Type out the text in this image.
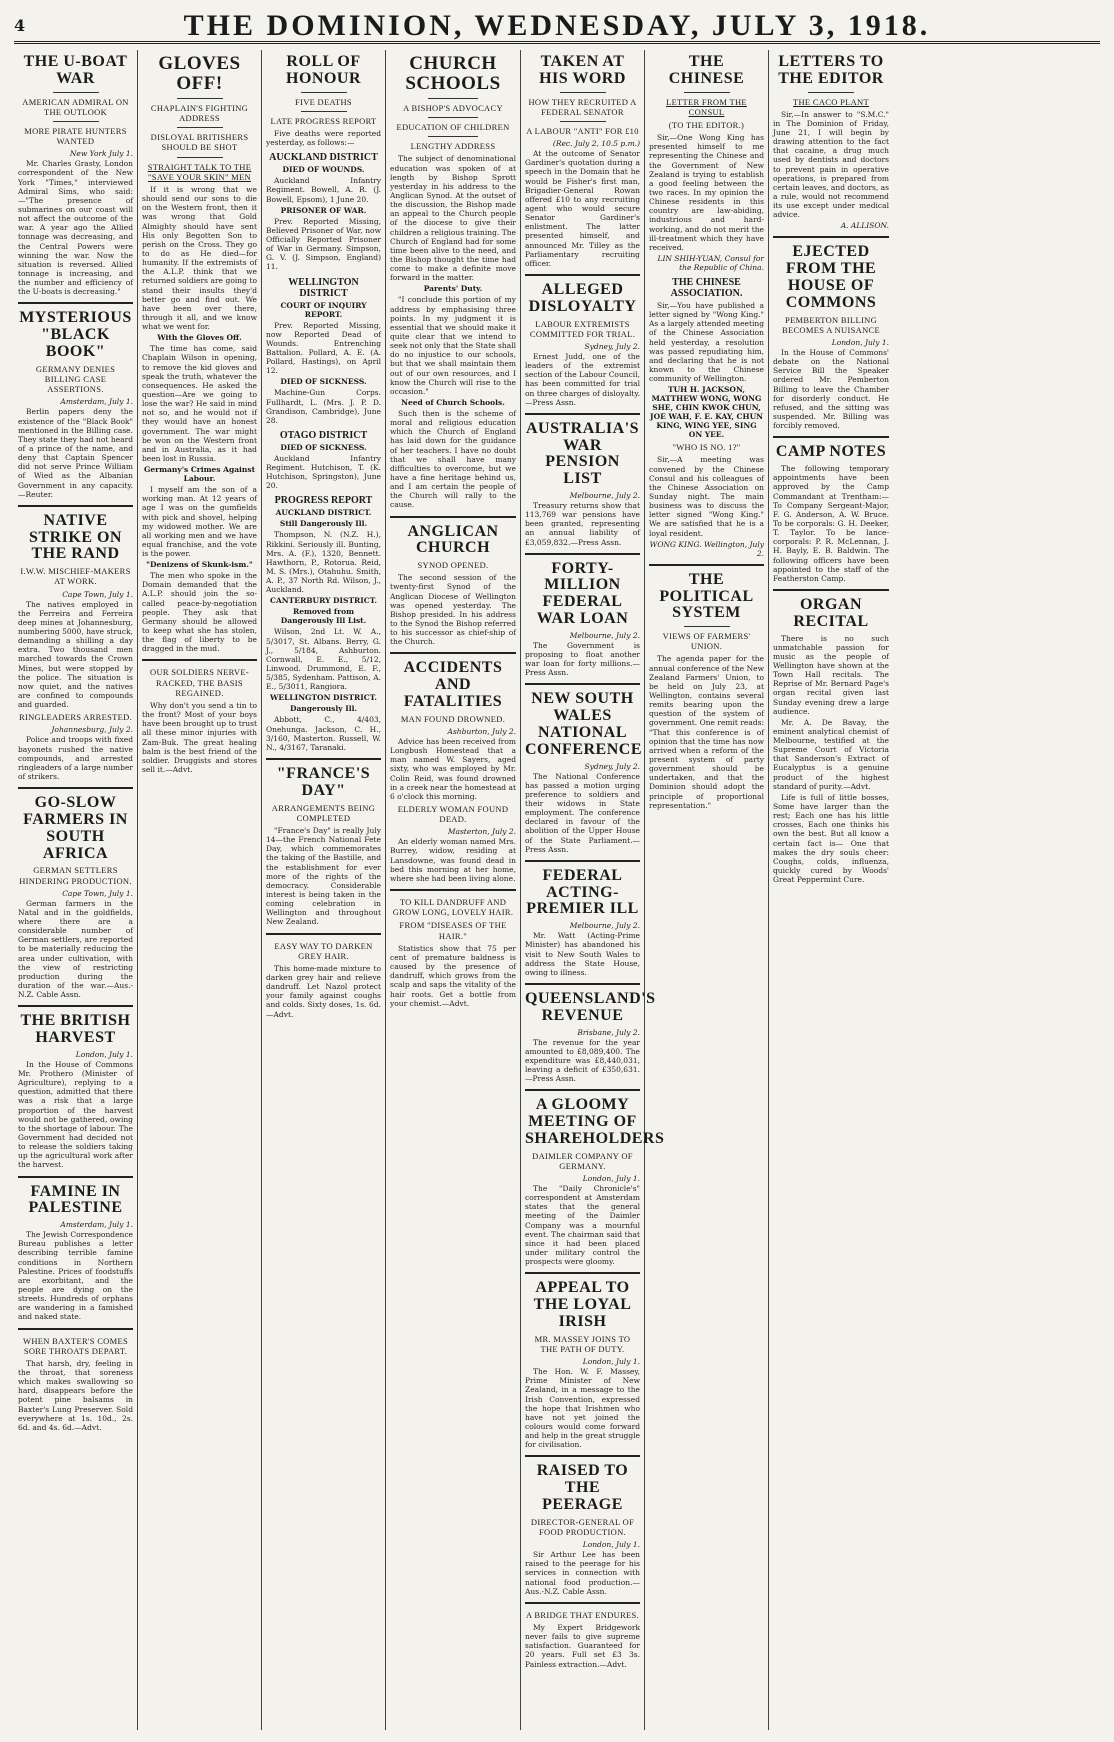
4	THE DOMINION, WEDNESDAY, JULY 3, 1918.
THE U-BOAT WAR
AMERICAN ADMIRAL ON THE OUTLOOK
MORE PIRATE HUNTERS WANTED
New York July 1.

Mr. Charles Grasty, London correspondent of the New York "Times," interviewed Admiral Sims, who said:—"The presence of submarines on our coast will not affect the outcome of the war. A year ago the Allied tonnage was decreasing, and the Central Powers were winning the war. Now the situation is reversed. Allied tonnage is increasing, and the number and efficiency of the U-boats is decreasing."

MYSTERIOUS "BLACK BOOK"
GERMANY DENIES BILLING CASE ASSERTIONS.
Amsterdam, July 1.

Berlin papers deny the existence of the "Black Book" mentioned in the Billing case. They state they had not heard of a prince of the name, and deny that Captain Spencer did not serve Prince William of Wied as the Albanian Government in any capacity.—Reuter.

NATIVE STRIKE ON THE RAND
I.W.W. MISCHIEF-MAKERS AT WORK.
Cape Town, July 1.

The natives employed in the Ferreira and Ferreira deep mines at Johannesburg, numbering 5000, have struck, demanding a shilling a day extra. Two thousand men marched towards the Crown Mines, but were stopped by the police. The situation is now quiet, and the natives are confined to compounds and guarded.

RINGLEADERS ARRESTED.
Johannesburg, July 2.

Police and troops with fixed bayonets rushed the native compounds, and arrested ringleaders of a large number of strikers.

GO-SLOW FARMERS IN SOUTH AFRICA
GERMAN SETTLERS HINDERING PRODUCTION.
Cape Town, July 1.

German farmers in the Natal and in the goldfields, where there are a considerable number of German settlers, are reported to be materially reducing the area under cultivation, with the view of restricting production during the duration of the war.—Aus.-N.Z. Cable Assn.

THE BRITISH HARVEST
London, July 1.

In the House of Commons Mr. Prothero (Minister of Agriculture), replying to a question, admitted that there was a risk that a large proportion of the harvest would not be gathered, owing to the shortage of labour. The Government had decided not to release the soldiers taking up the agricultural work after the harvest.

FAMINE IN PALESTINE
Amsterdam, July 1.

The Jewish Correspondence Bureau publishes a letter describing terrible famine conditions in Northern Palestine. Prices of foodstuffs are exorbitant, and the people are dying on the streets. Hundreds of orphans are wandering in a famished and naked state.

WHEN BAXTER'S COMES SORE THROATS DEPART.

That harsh, dry, feeling in the throat, that soreness which makes swallowing so hard, disappears before the potent pine balsams in Baxter's Lung Preserver. Sold everywhere at 1s. 10d., 2s. 6d. and 4s. 6d.—Advt.

GLOVES OFF!
CHAPLAIN'S FIGHTING ADDRESS
DISLOYAL BRITISHERS SHOULD BE SHOT
STRAIGHT TALK TO THE "SAVE YOUR SKIN" MEN

If it is wrong that we should send our sons to die on the Western front, then it was wrong that Gold Almighty should have sent His only Begotten Son to perish on the Cross. They go to do as He died—for humanity. If the extremists of the A.L.P. think that we returned soldiers are going to stand their insults they'd better go and find out. We have been over there, through it all, and we know what we went for.

With the Gloves Off.

The time has come, said Chaplain Wilson in opening, to remove the kid gloves and speak the truth, whatever the consequences. He asked the question—Are we going to lose the war? He said in mind not so, and he would not if they would have an honest government. The war might be won on the Western front and in Australia, as it had been lost in Russia.

Germany's Crimes Against Labour.

I myself am the son of a working man. At 12 years of age I was on the gumfields with pick and shovel, helping my widowed mother. We are all working men and we have equal franchise, and the vote is the power.

"Denizens of Skunk-ism."

The men who spoke in the Domain demanded that the A.L.P. should join the so-called peace-by-negotiation people. They ask that Germany should be allowed to keep what she has stolen, the flag of liberty to be dragged in the mud.

OUR SOLDIERS NERVE-RACKED, THE BASIS REGAINED.

Why don't you send a tin to the front? Most of your boys have been brought up to trust all these minor injuries with Zam-Buk. The great healing balm is the best friend of the soldier. Druggists and stores sell it.—Advt.

ROLL OF HONOUR
FIVE DEATHS
LATE PROGRESS REPORT

Five deaths were reported yesterday, as follows:—

AUCKLAND DISTRICT
DIED OF WOUNDS.

Auckland Infantry Regiment. Bowell, A. R. (J. Bowell, Epsom), 1 June 20.

PRISONER OF WAR.

Prev. Reported Missing, Believed Prisoner of War, now Officially Reported Prisoner of War in Germany. Simpson, G. V. (J. Simpson, England) 11.

WELLINGTON DISTRICT
COURT OF INQUIRY REPORT.

Prev. Reported Missing, now Reported Dead of Wounds. Entrenching Battalion. Pollard, A. E. (A. Pollard, Hastings), on April 12.

DIED OF SICKNESS.

Machine-Gun Corps. Fullhardt, L. (Mrs. J. P. D. Grandison, Cambridge), June 28.

OTAGO DISTRICT
DIED OF SICKNESS.

Auckland Infantry Regiment. Hutchison, T. (K. Hutchison, Springston), June 20.

PROGRESS REPORT
AUCKLAND DISTRICT.
Still Dangerously Ill.

Thompson, N. (N.Z. H.), Rikkini. Seriously ill. Bunting, Mrs. A. (F.), 1320, Bennett. Hawthorn, P., Rotorua. Reid, M. S. (Mrs.), Otahuhu. Smith, A. P., 37 North Rd. Wilson, J., Auckland.

CANTERBURY DISTRICT.
Removed from Dangerously Ill List.

Wilson, 2nd Lt. W. A., 5/3017, St. Albans. Berry, G. J., 5/184, Ashburton. Cornwall, E. E., 5/12, Linwood. Drummond, E. F., 5/385, Sydenham. Pattison, A. E., 5/3011, Rangiora.

WELLINGTON DISTRICT.
Dangerously Ill.

Abbott, C., 4/403, Onehunga. Jackson, C. H., 3/160, Masterton. Russell, W. N., 4/3167, Taranaki.

"FRANCE'S DAY"
ARRANGEMENTS BEING COMPLETED

"France's Day" is really July 14—the French National Fete Day, which commemorates the taking of the Bastille, and the establishment for ever more of the rights of the democracy. Considerable interest is being taken in the coming celebration in Wellington and throughout New Zealand.

EASY WAY TO DARKEN GREY HAIR.

This home-made mixture to darken grey hair and relieve dandruff. Let Nazol protect your family against coughs and colds. Sixty doses, 1s. 6d.—Advt.

CHURCH SCHOOLS
A BISHOP'S ADVOCACY
EDUCATION OF CHILDREN
LENGTHY ADDRESS

The subject of denominational education was spoken of at length by Bishop Sprott yesterday in his address to the Anglican Synod. At the outset of the discussion, the Bishop made an appeal to the Church people of the diocese to give their children a religious training. The Church of England had for some time been alive to the need, and the Bishop thought the time had come to make a definite move forward in the matter.

Parents' Duty.

"I conclude this portion of my address by emphasising three points. In my judgment it is essential that we should make it quite clear that we intend to seek not only that the State shall do no injustice to our schools, but that we shall maintain them out of our own resources, and I know the Church will rise to the occasion."

Need of Church Schools.

Such then is the scheme of moral and religious education which the Church of England has laid down for the guidance of her teachers. I have no doubt that we shall have many difficulties to overcome, but we have a fine heritage behind us, and I am certain the people of the Church will rally to the cause.

ANGLICAN CHURCH
SYNOD OPENED.

The second session of the twenty-first Synod of the Anglican Diocese of Wellington was opened yesterday. The Bishop presided. In his address to the Synod the Bishop referred to his successor as chief-ship of the Church.

ACCIDENTS AND FATALITIES
MAN FOUND DROWNED.
Ashburton, July 2.

Advice has been received from Longbush Homestead that a man named W. Sayers, aged sixty, who was employed by Mr. Colin Reid, was found drowned in a creek near the homestead at 6 o'clock this morning.

ELDERLY WOMAN FOUND DEAD.
Masterton, July 2.

An elderly woman named Mrs. Burrey, widow, residing at Lansdowne, was found dead in bed this morning at her home, where she had been living alone.

TO KILL DANDRUFF AND GROW LONG, LOVELY HAIR.
FROM "DISEASES OF THE HAIR."

Statistics show that 75 per cent of premature baldness is caused by the presence of dandruff, which grows from the scalp and saps the vitality of the hair roots. Get a bottle from your chemist.—Advt.

TAKEN AT HIS WORD
HOW THEY RECRUITED A FEDERAL SENATOR
A LABOUR "ANTI" FOR £10
(Rec. July 2, 10.5 p.m.)

At the outcome of Senator Gardiner's quotation during a speech in the Domain that he would be Fisher's first man, Brigadier-General Rowan offered £10 to any recruiting agent who would secure Senator Gardiner's enlistment. The latter presented himself, and announced Mr. Tilley as the Parliamentary recruiting officer.

ALLEGED DISLOYALTY
LABOUR EXTREMISTS COMMITTED FOR TRIAL.
Sydney, July 2.

Ernest Judd, one of the leaders of the extremist section of the Labour Council, has been committed for trial on three charges of disloyalty.—Press Assn.

AUSTRALIA'S WAR PENSION LIST
Melbourne, July 2.

Treasury returns show that 113,769 war pensions have been granted, representing an annual liability of £3,059,832.—Press Assn.

FORTY-MILLION FEDERAL WAR LOAN
Melbourne, July 2.

The Government is proposing to float another war loan for forty millions.—Press Assn.

NEW SOUTH WALES NATIONAL CONFERENCE
Sydney, July 2.

The National Conference has passed a motion urging preference to soldiers and their widows in State employment. The conference declared in favour of the abolition of the Upper House of the State Parliament.—Press Assn.

FEDERAL ACTING-PREMIER ILL
Melbourne, July 2.

Mr. Watt (Acting-Prime Minister) has abandoned his visit to New South Wales to address the State House, owing to illness.

QUEENSLAND'S REVENUE
Brisbane, July 2.

The revenue for the year amounted to £8,089,400. The expenditure was £8,440,031, leaving a deficit of £350,631.—Press Assn.

A GLOOMY MEETING OF SHAREHOLDERS
DAIMLER COMPANY OF GERMANY.
London, July 1.

The "Daily Chronicle's" correspondent at Amsterdam states that the general meeting of the Daimler Company was a mournful event. The chairman said that since it had been placed under military control the prospects were gloomy.

APPEAL TO THE LOYAL IRISH
MR. MASSEY JOINS TO THE PATH OF DUTY.
London, July 1.

The Hon. W. F. Massey, Prime Minister of New Zealand, in a message to the Irish Convention, expressed the hope that Irishmen who have not yet joined the colours would come forward and help in the great struggle for civilisation.

RAISED TO THE PEERAGE
DIRECTOR-GENERAL OF FOOD PRODUCTION.
London, July 1.

Sir Arthur Lee has been raised to the peerage for his services in connection with national food production.—Aus.-N.Z. Cable Assn.

A BRIDGE THAT ENDURES.

My Expert Bridgework never fails to give supreme satisfaction. Guaranteed for 20 years. Full set £3 3s. Painless extraction.—Advt.

THE CHINESE
LETTER FROM THE CONSUL
(TO THE EDITOR.)

Sir,—One Wong King has presented himself to me representing the Chinese and the Government of New Zealand is trying to establish a good feeling between the two races. In my opinion the Chinese residents in this country are law-abiding, industrious and hard-working, and do not merit the ill-treatment which they have received.

LIN SHIH-YUAN, Consul for the Republic of China.
THE CHINESE ASSOCIATION.

Sir,—You have published a letter signed by "Wong King." As a largely attended meeting of the Chinese Association held yesterday, a resolution was passed repudiating him, and declaring that he is not known to the Chinese community of Wellington.

TUH H. JACKSON, MATTHEW WONG, WONG SHE, CHIN KWOK CHUN, JOE WAH, F. E. KAY, CHUN KING, WING YEE, SING ON YEE.
"WHO IS NO. 1?"

Sir,—A meeting was convened by the Chinese Consul and his colleagues of the Chinese Association on Sunday night. The main business was to discuss the letter signed "Wong King." We are satisfied that he is a loyal resident.

WONG KING. Wellington, July 2.
THE POLITICAL SYSTEM
VIEWS OF FARMERS' UNION.

The agenda paper for the annual conference of the New Zealand Farmers' Union, to be held on July 23, at Wellington, contains several remits bearing upon the question of the system of government. One remit reads: "That this conference is of opinion that the time has now arrived when a reform of the present system of party government should be undertaken, and that the Dominion should adopt the principle of proportional representation."

LETTERS TO THE EDITOR
THE CACO PLANT

Sir,—In answer to "S.M.C." in The Dominion of Friday, June 21, I will begin by drawing attention to the fact that cacaine, a drug much used by dentists and doctors to prevent pain in operative operations, is prepared from certain leaves, and doctors, as a rule, would not recommend its use except under medical advice.

A. ALLISON.
EJECTED FROM THE HOUSE OF COMMONS
PEMBERTON BILLING BECOMES A NUISANCE
London, July 1.

In the House of Commons' debate on the National Service Bill the Speaker ordered Mr. Pemberton Billing to leave the Chamber for disorderly conduct. He refused, and the sitting was suspended. Mr. Billing was forcibly removed.

CAMP NOTES

The following temporary appointments have been approved by the Camp Commandant at Trentham:—To Company Sergeant-Major, F. G. Anderson, A. W. Bruce. To be corporals: G. H. Deeker, T. Taylor. To be lance-corporals: P. R. McLennan, J. H. Bayly, E. B. Baldwin. The following officers have been appointed to the staff of the Featherston Camp.

ORGAN RECITAL

There is no such unmatchable passion for music as the people of Wellington have shown at the Town Hall recitals. The Reprise of Mr. Bernard Page's organ recital given last Sunday evening drew a large audience.

Mr. A. De Bavay, the eminent analytical chemist of Melbourne, testified at the Supreme Court of Victoria that Sanderson's Extract of Eucalyptus is a genuine product of the highest standard of purity.—Advt.

Life is full of little bosses, Some have larger than the rest; Each one has his little crosses, Each one thinks his own the best. But all know a certain fact is— One that makes the dry souls cheer: Coughs, colds, influenza, quickly cured by Woods' Great Peppermint Cure.
